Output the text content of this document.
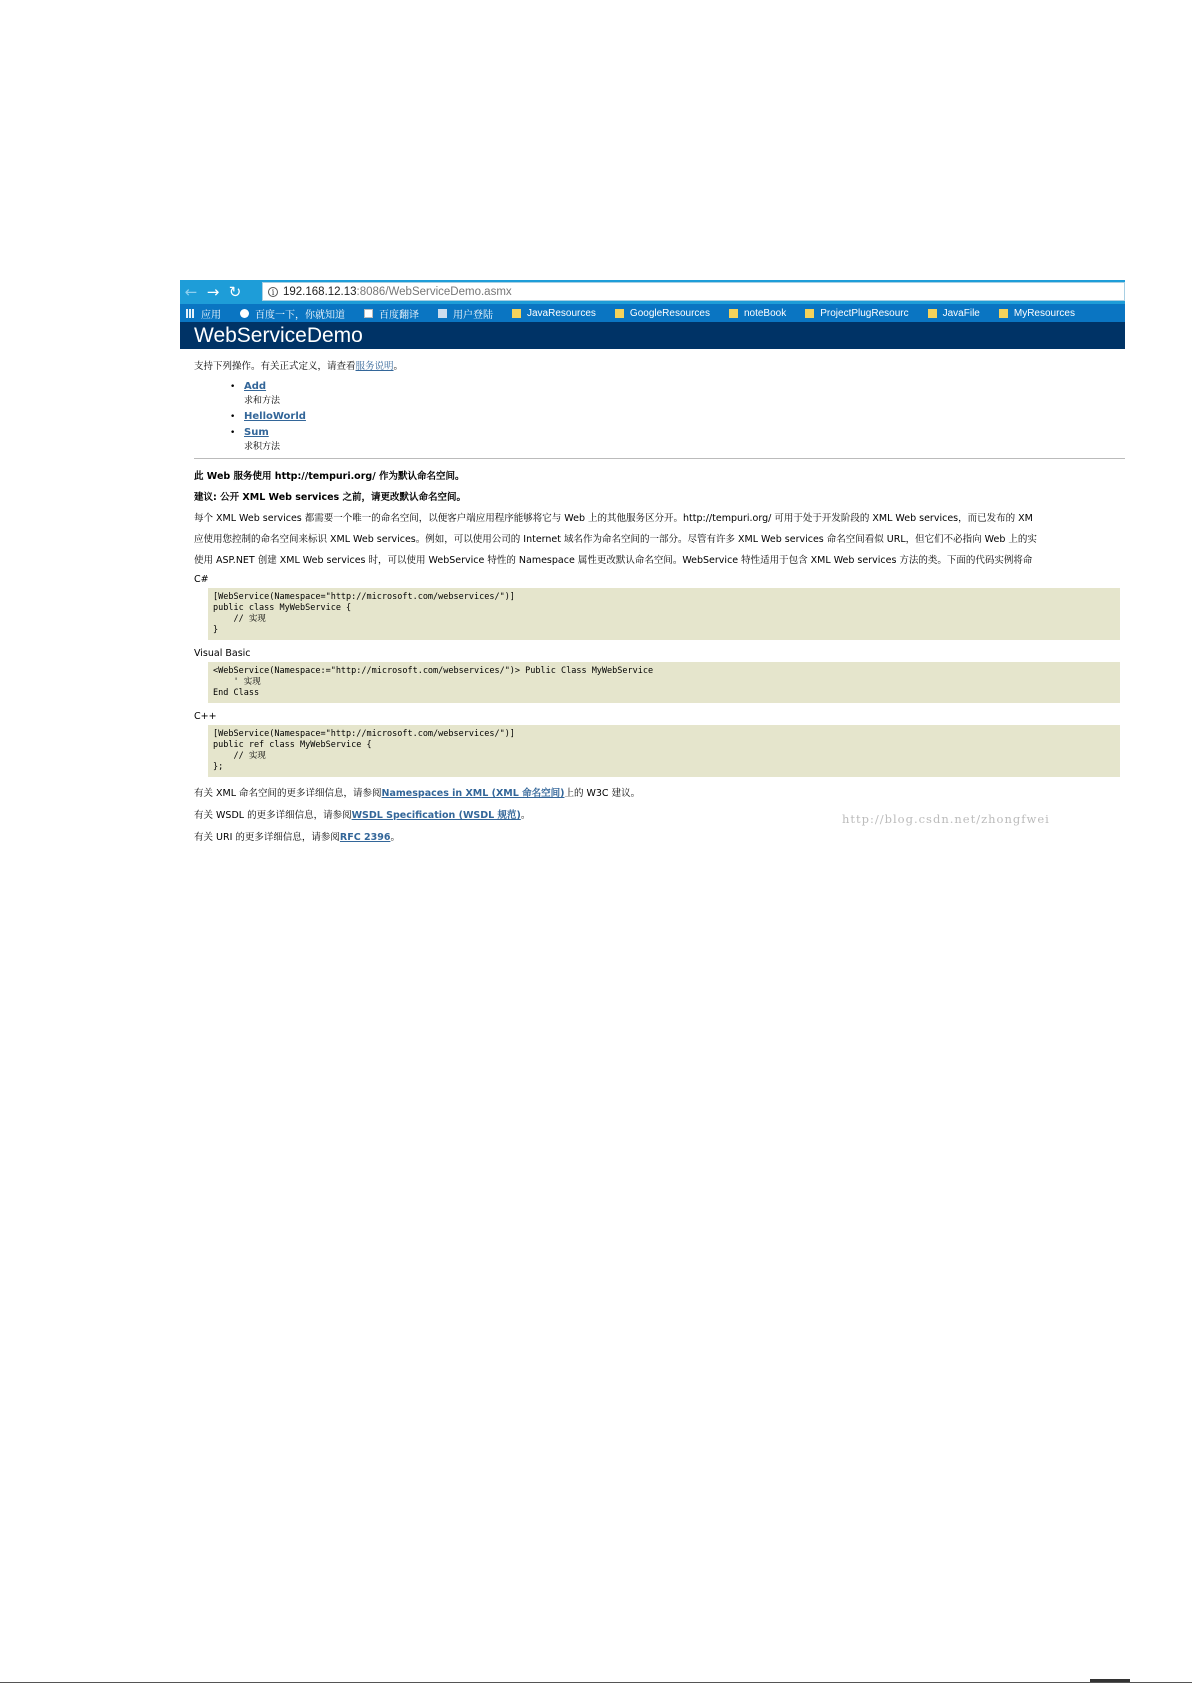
← → ↻	i 192.168.12.13 :8086/WebServiceDemo.asmx
应用	百度一下，你就知道	百度翻译	用户登陆	JavaResources	GoogleResources	noteBook	ProjectPlugResourc	JavaFile	MyResources
WebServiceDemo

支持下列操作。有关正式定义，请查看服务说明。

• Add
求和方法
• HelloWorld
• Sum
求积方法

此 Web 服务使用 http://tempuri.org/ 作为默认命名空间。

建议: 公开 XML Web services 之前，请更改默认命名空间。

每个 XML Web services 都需要一个唯一的命名空间，以便客户端应用程序能够将它与 Web 上的其他服务区分开。http://tempuri.org/ 可用于处于开发阶段的 XML Web services，而已发布的 XM

应使用您控制的命名空间来标识 XML Web services。例如，可以使用公司的 Internet 域名作为命名空间的一部分。尽管有许多 XML Web services 命名空间看似 URL，但它们不必指向 Web 上的实

使用 ASP.NET 创建 XML Web services 时，可以使用 WebService 特性的 Namespace 属性更改默认命名空间。WebService 特性适用于包含 XML Web services 方法的类。下面的代码实例将命

C#
[WebService(Namespace="http://microsoft.com/webservices/")]
public class MyWebService {
// 实现
}
Visual Basic
<WebService(Namespace:="http://microsoft.com/webservices/")> Public Class MyWebService
' 实现
End Class
C++
[WebService(Namespace="http://microsoft.com/webservices/")]
public ref class MyWebService {
// 实现
};

有关 XML 命名空间的更多详细信息，请参阅Namespaces in XML (XML 命名空间)上的 W3C 建议。

有关 WSDL 的更多详细信息，请参阅WSDL Specification (WSDL 规范)。

有关 URI 的更多详细信息，请参阅RFC 2396。

http://blog.csdn.net/zhongfwei
